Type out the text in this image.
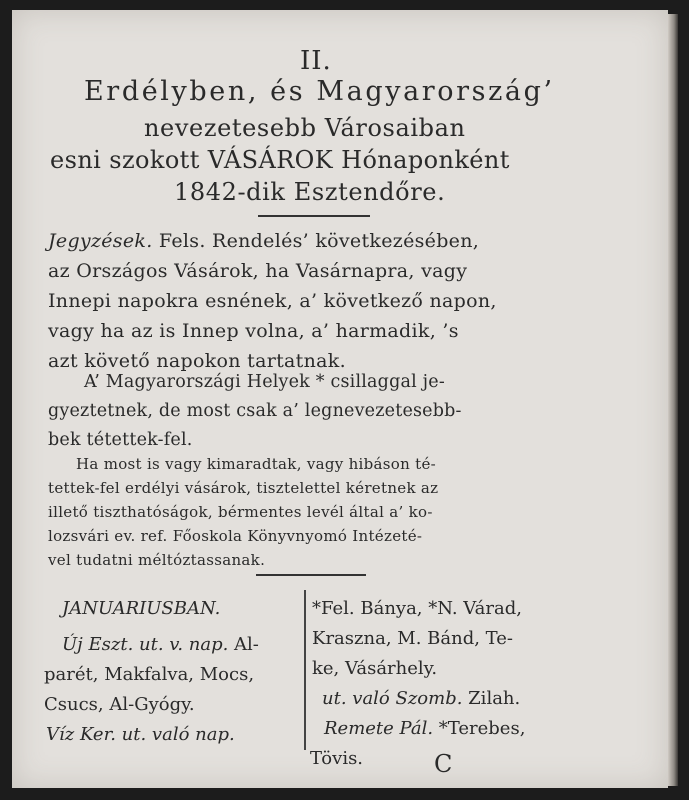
II.
Erdélyben, és Magyarország’
nevezetesebb Városaiban
esni szokott VÁSÁROK Hónaponként
1842-dik Esztendőre.
Jegyzések. Fels. Rendelés’ következésében,
az Országos Vásárok, ha Vasárnapra, vagy
Innepi napokra esnének, a’ következő napon,
vagy ha az is Innep volna, a’ harmadik, ’s
azt követő napokon tartatnak.
A’ Magyarországi Helyek * csillaggal je-
gyeztetnek, de most csak a’ legnevezetesebb-
bek tétettek-fel.
Ha most is vagy kimaradtak, vagy hibáson té-
tettek-fel erdélyi vásárok, tisztelettel kéretnek az
illető tiszthatóságok, bérmentes levél által a’ ko-
lozsvári ev. ref. Főoskola Könyvnyomó Intézeté-
vel tudatni méltóztassanak.
JANUARIUSBAN.
Új Eszt. ut. v. nap. Al-
parét, Makfalva, Mocs,
Csucs, Al-Gyógy.
Víz Ker. ut. való nap.
*Fel. Bánya, *N. Várad,
Kraszna, M. Bánd, Te-
ke, Vásárhely.
ut. való Szomb. Zilah.
Remete Pál. *Terebes,
Tövis.	C
